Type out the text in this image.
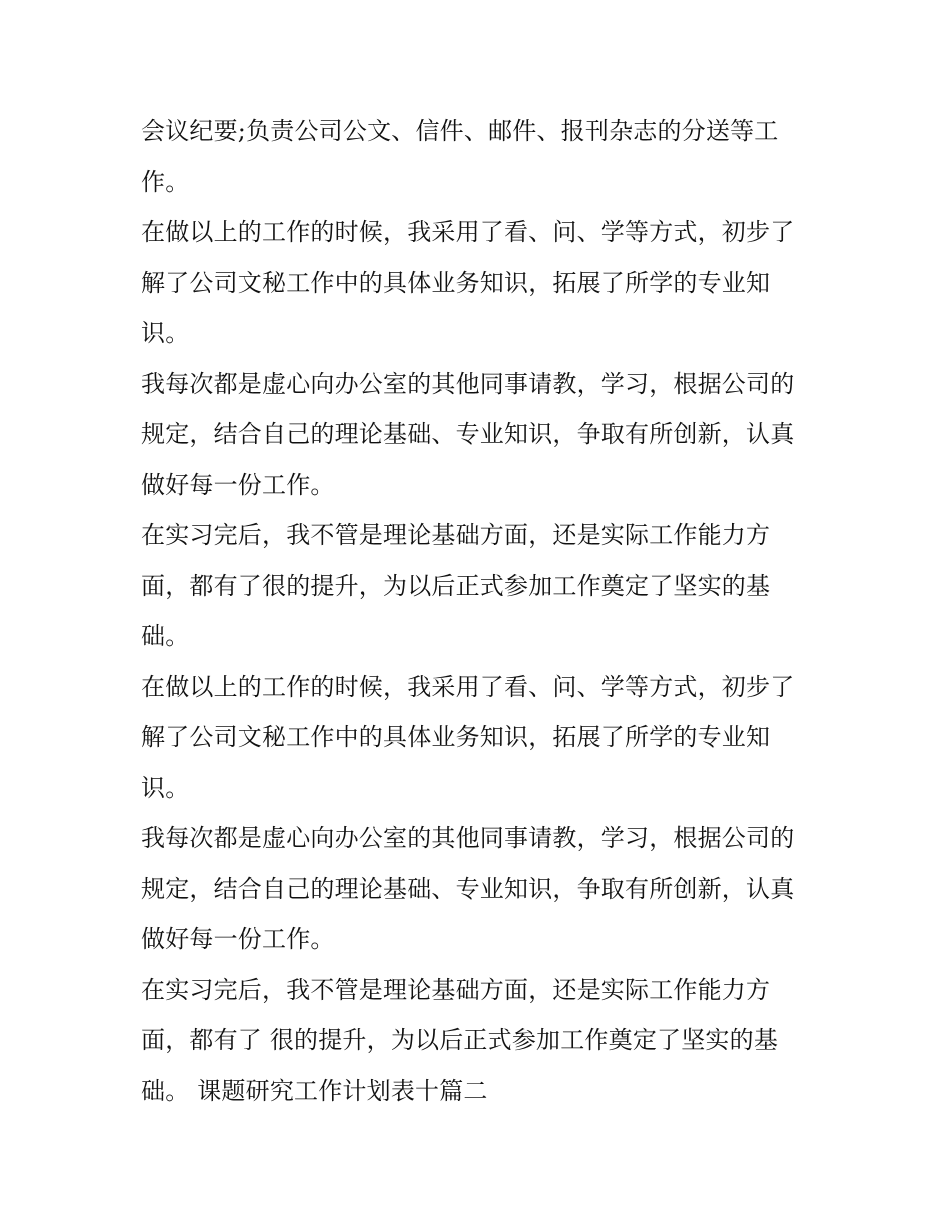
会议纪要;负责公司公文、信件、邮件、报刊杂志的分送等工
作。
在做以上的工作的时候，我采用了看、问、学等方式，初步了
解了公司文秘工作中的具体业务知识，拓展了所学的专业知
识。
我每次都是虚心向办公室的其他同事请教，学习，根据公司的
规定，结合自己的理论基础、专业知识，争取有所创新，认真
做好每一份工作。
在实习完后，我不管是理论基础方面，还是实际工作能力方
面，都有了很的提升，为以后正式参加工作奠定了坚实的基
础。
在做以上的工作的时候，我采用了看、问、学等方式，初步了
解了公司文秘工作中的具体业务知识，拓展了所学的专业知
识。
我每次都是虚心向办公室的其他同事请教，学习，根据公司的
规定，结合自己的理论基础、专业知识，争取有所创新，认真
做好每一份工作。
在实习完后，我不管是理论基础方面，还是实际工作能力方
面，都有了 很的提升，为以后正式参加工作奠定了坚实的基
础。 课题研究工作计划表十篇二
